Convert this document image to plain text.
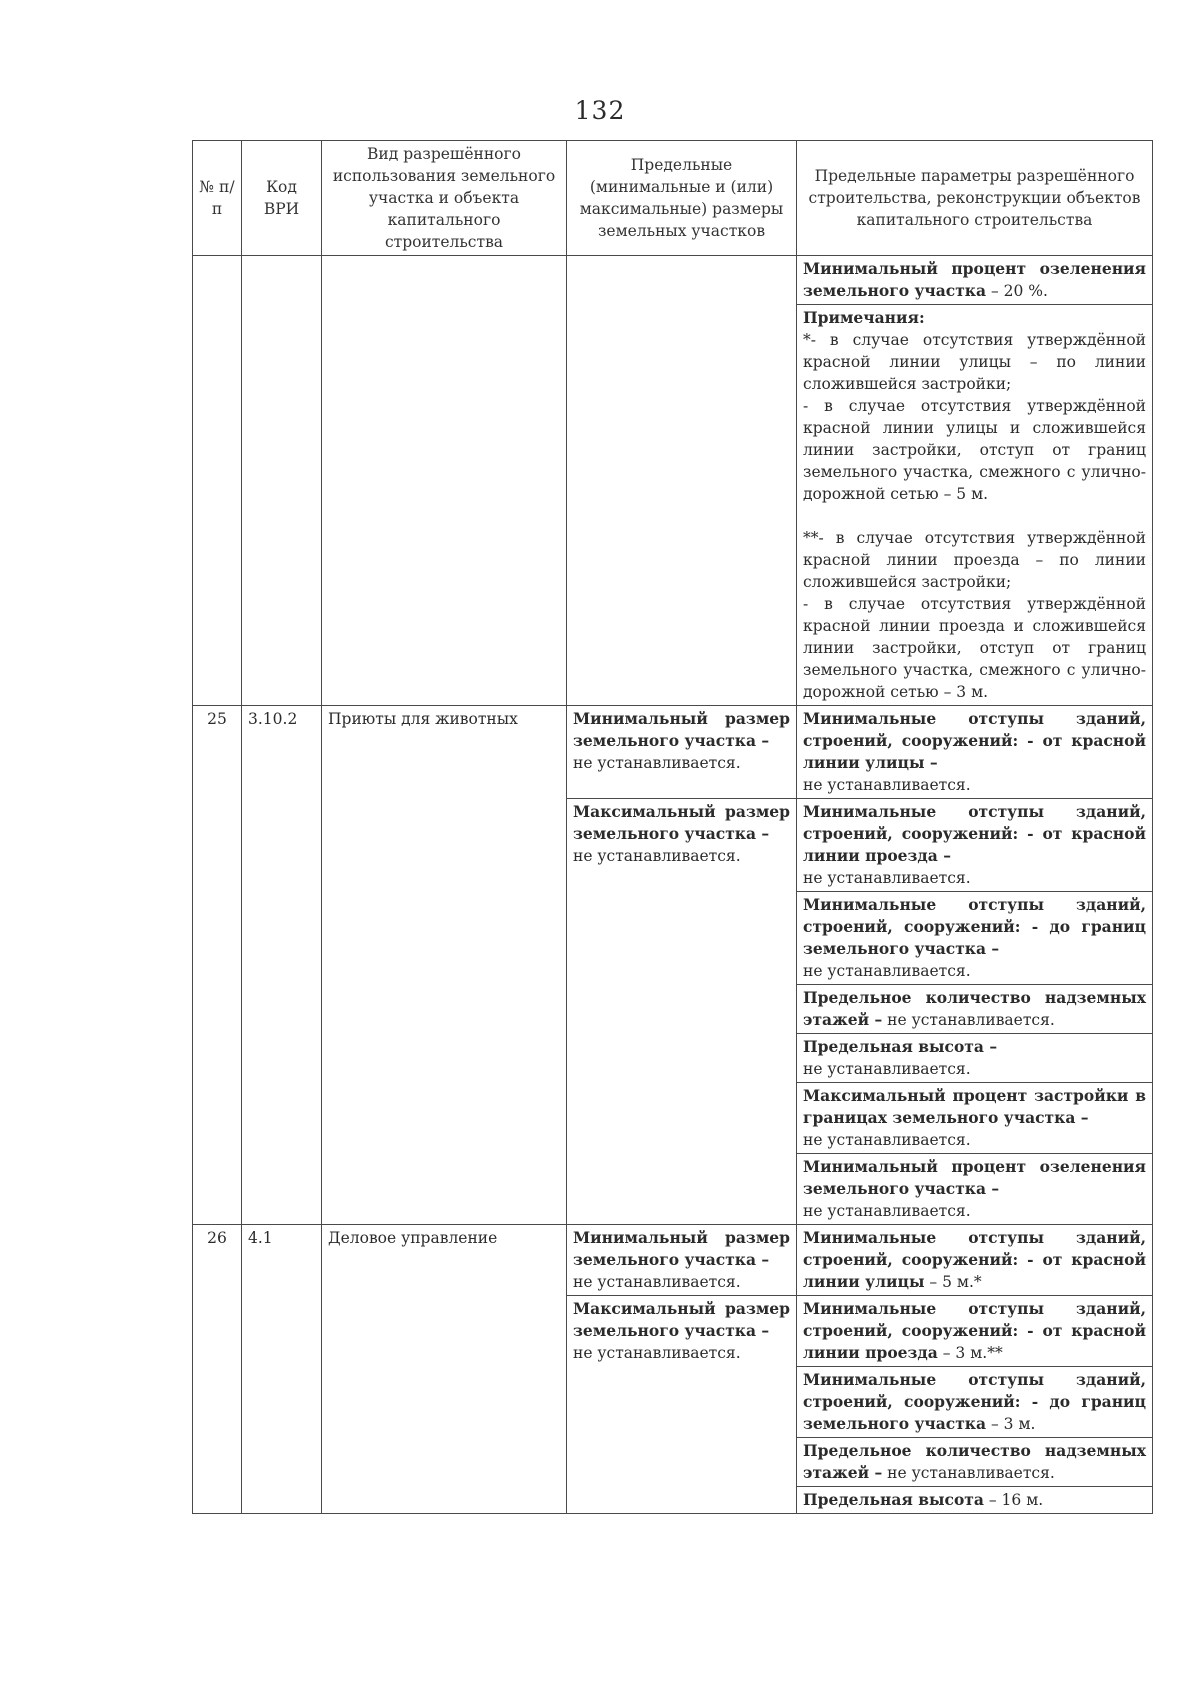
132
№ п/п	Код ВРИ	Вид разрешённого использования земельного участка и объекта капитального строительства	Предельные (минимальные и (или) максимальные) размеры земельных участков	Предельные параметры разрешённого строительства, реконструкции объектов капитального строительства
				Минимальный процент озеленения земельного участка – 20 %.

				Примечания:
*- в случае отсутствия утверждённой красной линии улицы – по линии сложившейся застройки;
- в случае отсутствия утверждённой красной линии улицы и сложившейся линии застройки, отступ от границ земельного участка, смежного с улично-дорожной сетью – 5 м.
**- в случае отсутствия утверждённой красной линии проезда – по линии сложившейся застройки;
- в случае отсутствия утверждённой красной линии проезда и сложившейся линии застройки, отступ от границ земельного участка, смежного с улично-дорожной сетью – 3 м.

25	3.10.2	Приюты для животных	Минимальный размер земельного участка –
не устанавливается.	Минимальные отступы зданий, строений, сооружений: - от красной линии улицы –
не устанавливается.
			Максимальный размер земельного участка –
не устанавливается.	Минимальные отступы зданий, строений, сооружений: - от красной линии проезда –
не устанавливается.
				Минимальные отступы зданий, строений, сооружений: - до границ земельного участка –
не устанавливается.
				Предельное количество надземных этажей – не устанавливается.
				Предельная высота –
не устанавливается.
				Максимальный процент застройки в границах земельного участка –
не устанавливается.
				Минимальный процент озеленения земельного участка –
не устанавливается.
26	4.1	Деловое управление	Минимальный размер земельного участка –
не устанавливается.	Минимальные отступы зданий, строений, сооружений: - от красной линии улицы – 5 м.*
			Максимальный размер земельного участка –
не устанавливается.	Минимальные отступы зданий, строений, сооружений: - от красной линии проезда – 3 м.**
				Минимальные отступы зданий, строений, сооружений: - до границ земельного участка – 3 м.
				Предельное количество надземных этажей – не устанавливается.
				Предельная высота – 16 м.
